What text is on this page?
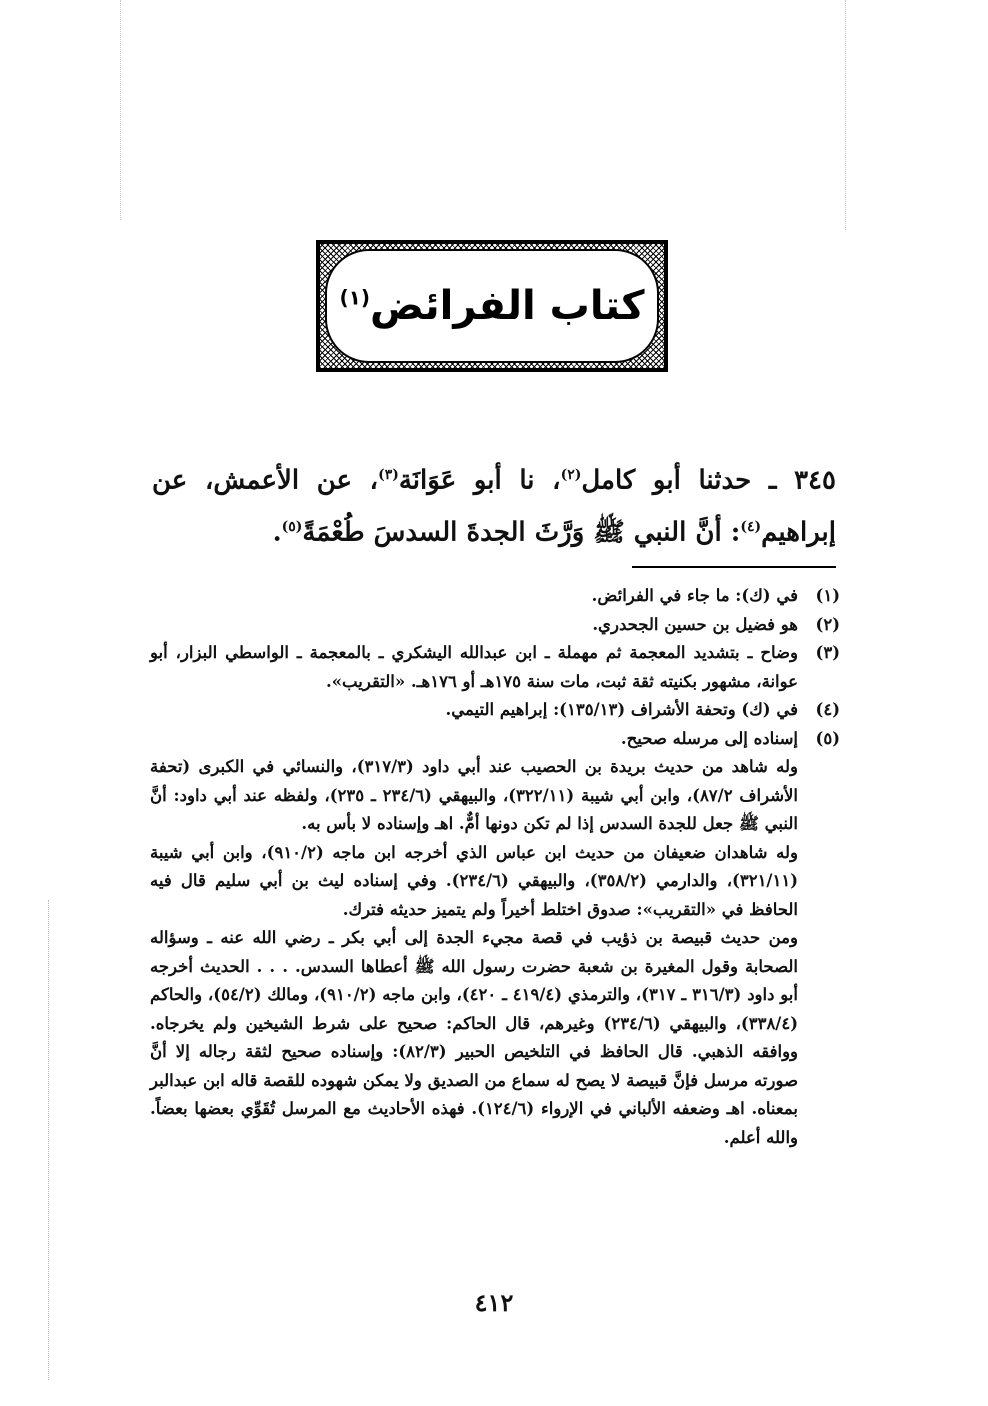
كتاب الفرائض$^{(١)}$
٣٤٥ ـ حدثنا أبو كامل$^{(٢)}$، نا أبو عَوَانَة$^{(٣)}$، عن الأعمش، عن إبراهيم$^{(٤)}$: أنَّ النبي ﷺ وَرَّثَ الجدةَ السدسَ طُعْمَةً$^{(٥)}$.
(١)
في (ك): ما جاء في الفرائض.
(٢)
هو فضيل بن حسين الجحدري.
(٣)
وضاح ـ بتشديد المعجمة ثم مهملة ـ ابن عبدالله اليشكري ـ بالمعجمة ـ الواسطي البزار، أبو عوانة، مشهور بكنيته ثقة ثبت، مات سنة ١٧٥هـ أو ١٧٦هـ. «التقريب».
(٤)
في (ك) وتحفة الأشراف (١٣٥/١٣): إبراهيم التيمي.
(٥)
إسناده إلى مرسله صحيح.
وله شاهد من حديث بريدة بن الحصيب عند أبي داود (٣١٧/٣)، والنسائي في الكبرى (تحفة الأشراف ٨٧/٢)، وابن أبي شيبة (٣٢٢/١١)، والبيهقي (٢٣٤/٦ ـ ٢٣٥)، ولفظه عند أبي داود: أنَّ النبي ﷺ جعل للجدة السدس إذا لم تكن دونها أمٌّ. اهـ وإسناده لا بأس به.
وله شاهدان ضعيفان من حديث ابن عباس الذي أخرجه ابن ماجه (٩١٠/٢)، وابن أبي شيبة (٣٢١/١١)، والدارمي (٣٥٨/٢)، والبيهقي (٢٣٤/٦). وفي إسناده ليث بن أبي سليم قال فيه الحافظ في «التقريب»: صدوق اختلط أخيراً ولم يتميز حديثه فترك.
ومن حديث قبيصة بن ذؤيب في قصة مجيء الجدة إلى أبي بكر ـ رضي الله عنه ـ وسؤاله الصحابة وقول المغيرة بن شعبة حضرت رسول الله ﷺ أعطاها السدس. . . . الحديث أخرجه أبو داود (٣١٦/٣ ـ ٣١٧)، والترمذي (٤١٩/٤ ـ ٤٢٠)، وابن ماجه (٩١٠/٢)، ومالك (٥٤/٢)، والحاكم (٣٣٨/٤)، والبيهقي (٢٣٤/٦) وغيرهم، قال الحاكم: صحيح على شرط الشيخين ولم يخرجاه. ووافقه الذهبي. قال الحافظ في التلخيص الحبير (٨٢/٣): وإسناده صحيح لثقة رجاله إلا أنَّ صورته مرسل فإنَّ قبيصة لا يصح له سماع من الصديق ولا يمكن شهوده للقصة قاله ابن عبدالبر بمعناه. اهـ وضعفه الألباني في الإرواء (١٢٤/٦). فهذه الأحاديث مع المرسل تُقَوِّي بعضها بعضاً. والله أعلم.
٤١٢
